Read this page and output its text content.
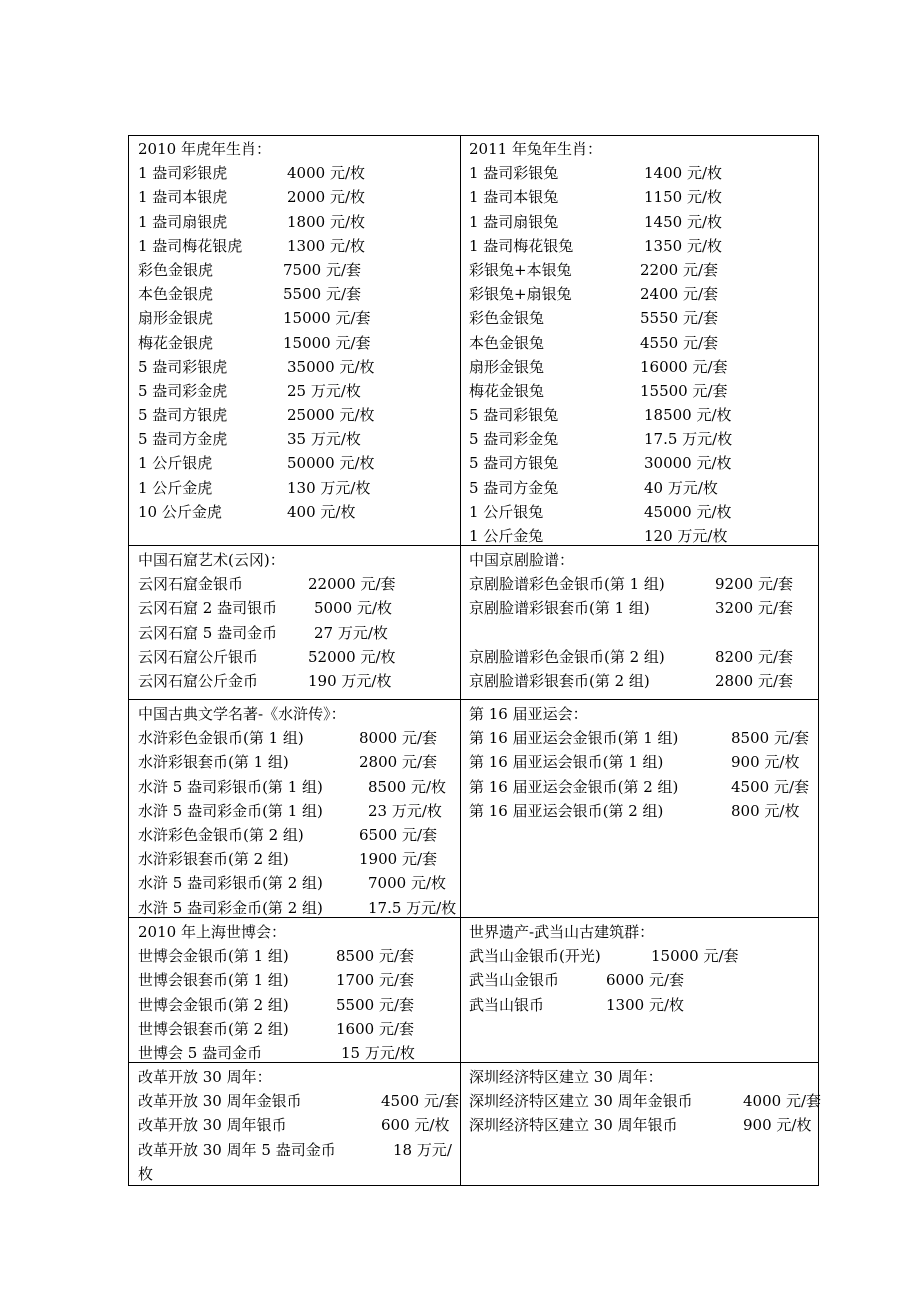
2010 年虎年生肖：
1 盎司彩银虎	4000 元/枚
1 盎司本银虎	2000 元/枚
1 盎司扇银虎	1800 元/枚
1 盎司梅花银虎	1300 元/枚
彩色金银虎	7500 元/套
本色金银虎	5500 元/套
扇形金银虎	15000 元/套
梅花金银虎	15000 元/套
5 盎司彩银虎	35000 元/枚
5 盎司彩金虎	25 万元/枚
5 盎司方银虎	25000 元/枚
5 盎司方金虎	35 万元/枚
1 公斤银虎	50000 元/枚
1 公斤金虎	130 万元/枚
10 公斤金虎	400 元/枚
2011 年兔年生肖：
1 盎司彩银兔	1400 元/枚
1 盎司本银兔	1150 元/枚
1 盎司扇银兔	1450 元/枚
1 盎司梅花银兔	1350 元/枚
彩银兔+本银兔	2200 元/套
彩银兔+扇银兔	2400 元/套
彩色金银兔	5550 元/套
本色金银兔	4550 元/套
扇形金银兔	16000 元/套
梅花金银兔	15500 元/套
5 盎司彩银兔	18500 元/枚
5 盎司彩金兔	17.5 万元/枚
5 盎司方银兔	30000 元/枚
5 盎司方金兔	40 万元/枚
1 公斤银兔	45000 元/枚
1 公斤金兔	120 万元/枚
中国石窟艺术(云冈)：
云冈石窟金银币	22000 元/套
云冈石窟 2 盎司银币 5000 元/枚
云冈石窟 5 盎司金币 27 万元/枚
云冈石窟公斤银币	52000 元/枚
云冈石窟公斤金币	190 万元/枚
中国京剧脸谱：
京剧脸谱彩色金银币(第 1 组)	9200 元/套
京剧脸谱彩银套币(第 1 组)	3200 元/套
京剧脸谱彩色金银币(第 2 组)	8200 元/套
京剧脸谱彩银套币(第 2 组)	2800 元/套
中国古典文学名著-《水浒传》：
水浒彩色金银币(第 1 组)	8000 元/套
水浒彩银套币(第 1 组)	2800 元/套
水浒 5 盎司彩银币(第 1 组)	8500 元/枚
水浒 5 盎司彩金币(第 1 组)	23 万元/枚
水浒彩色金银币(第 2 组)	6500 元/套
水浒彩银套币(第 2 组)	1900 元/套
水浒 5 盎司彩银币(第 2 组)	7000 元/枚
水浒 5 盎司彩金币(第 2 组)	17.5 万元/枚
第 16 届亚运会：
第 16 届亚运会金银币(第 1 组)	8500 元/套
第 16 届亚运会银币(第 1 组)	900 元/枚
第 16 届亚运会金银币(第 2 组)	4500 元/套
第 16 届亚运会银币(第 2 组)	800 元/枚
2010 年上海世博会：
世博会金银币(第 1 组)	8500 元/套
世博会银套币(第 1 组)	1700 元/套
世博会金银币(第 2 组)	5500 元/套
世博会银套币(第 2 组)	1600 元/套
世博会 5 盎司金币	15 万元/枚
世界遗产-武当山古建筑群：
武当山金银币(开光)	15000 元/套
武当山金银币	6000 元/套
武当山银币	1300 元/枚
改革开放 30 周年：
改革开放 30 周年金银币	4500 元/套
改革开放 30 周年银币	600 元/枚
改革开放 30 周年 5 盎司金币	18 万元/
枚
深圳经济特区建立 30 周年：
深圳经济特区建立 30 周年金银币	4000 元/套
深圳经济特区建立 30 周年银币	900 元/枚
